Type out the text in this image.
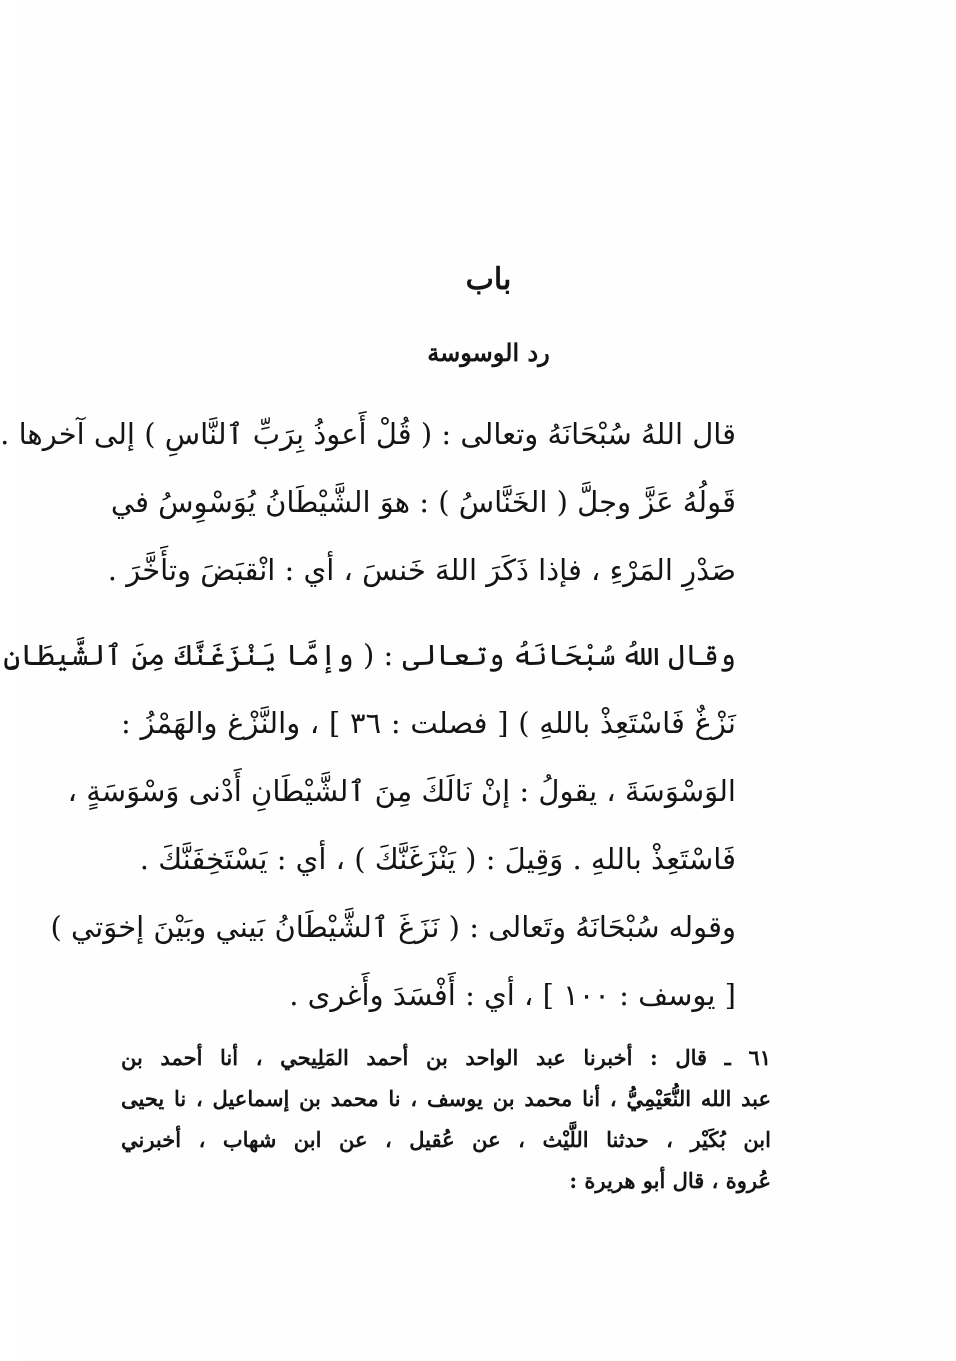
باب
رد الوسوسة
قال اللهُ سُبْحَانَهُ وتعالى : ( قُلْ أَعوذُ بِرَبِّ ٱلنَّاسِ ) إلى آخرها .
قَولُهُ عَزَّ وجلَّ ( الخَنَّاسُ ) : هوَ الشَّيْطَانُ يُوَسْوِسُ في
صَدْرِ المَرْءِ ، فإذا ذَكَرَ اللهَ خَنسَ ، أي : انْقبَضَ وتأَخَّرَ .
وقال اللهُ سُبْحَانَهُ وتعالى : ( وإمَّا يَنْزَغَنَّكَ مِنَ ٱلشَّيطَانِ
نَزْغٌ فَاسْتَعِذْ باللهِ ) [ فصلت : ٣٦ ] ، والنَّزْغ والهَمْزُ :
الوَسْوَسَةَ ، يقولُ : إنْ نَالَكَ مِنَ ٱلشَّيْطَانِ أَدْنى وَسْوَسَةٍ ،
فَاسْتَعِذْ باللهِ . وَقِيلَ : ( يَنْزَغَنَّكَ ) ، أي : يَسْتَخِفَنَّكَ .
وقوله سُبْحَانَهُ وتَعالى : ( نَزَغَ ٱلشَّيْطَانُ بَيني وبَيْنَ إخوَتي )
[ يوسف : ١٠٠ ] ، أي : أَفْسَدَ وأَغرى .
٦١ ـ قال : أخبرنا عبد الواحد بن أحمد المَلِيحي ، أنا أحمد بن
عبد الله النُّعَيْمِيُّ ، أنا محمد بن يوسف ، نا محمد بن إسماعيل ، نا يحيى
ابن بُكَيْر ، حدثنا اللَّيْث ، عن عُقيل ، عن ابن شهاب ، أخبرني
عُروة ، قال أبو هريرة :
